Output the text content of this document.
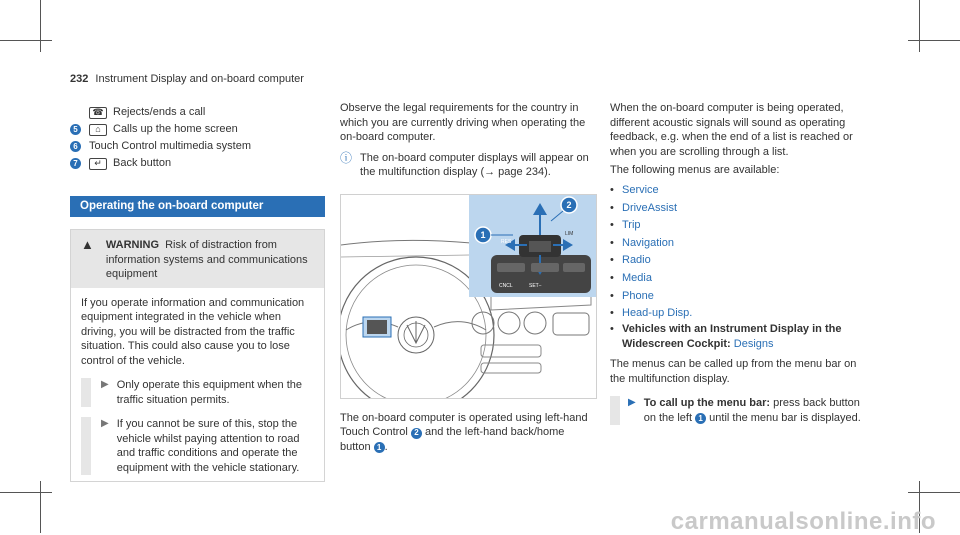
232 Instrument Display and on-board computer
☎ Rejects/ends a call
5	⌂	Calls up the home screen
6 Touch Control multimedia system
7	↵	Back button
Operating the on-board computer
▲ WARNING Risk of distraction from information systems and communications equipment
If you operate information and communication equipment integrated in the vehicle when driving, you will be distracted from the traffic situation. This could also cause you to lose control of the vehicle.
▶ Only operate this equipment when the traffic situation permits.
▶ If you cannot be sure of this, stop the vehicle whilst paying attention to road and traffic conditions and operate the equipment with the vehicle stationary.
Observe the legal requirements for the country in which you are currently driving when operating the on-board computer.
ⓘ The on-board computer displays will appear on the multifunction display (→ page 234).
1
2
RES
CNCL	SET−
LIM
The on-board computer is operated using left-hand Touch Control 2 and the left-hand back/home button 1 .
When the on-board computer is being operated, different acoustic signals will sound as operating feedback, e.g. when the end of a list is reached or when you are scrolling through a list.
The following menus are available:
• Service
• DriveAssist
• Trip
• Navigation
• Radio
• Media
• Phone
• Head-up Disp.
• Vehicles with an Instrument Display in the Widescreen Cockpit: Designs
The menus can be called up from the menu bar on the multifunction display.
▶ To call up the menu bar: press back button on the left 1 until the menu bar is displayed.
carmanualsonline.info
